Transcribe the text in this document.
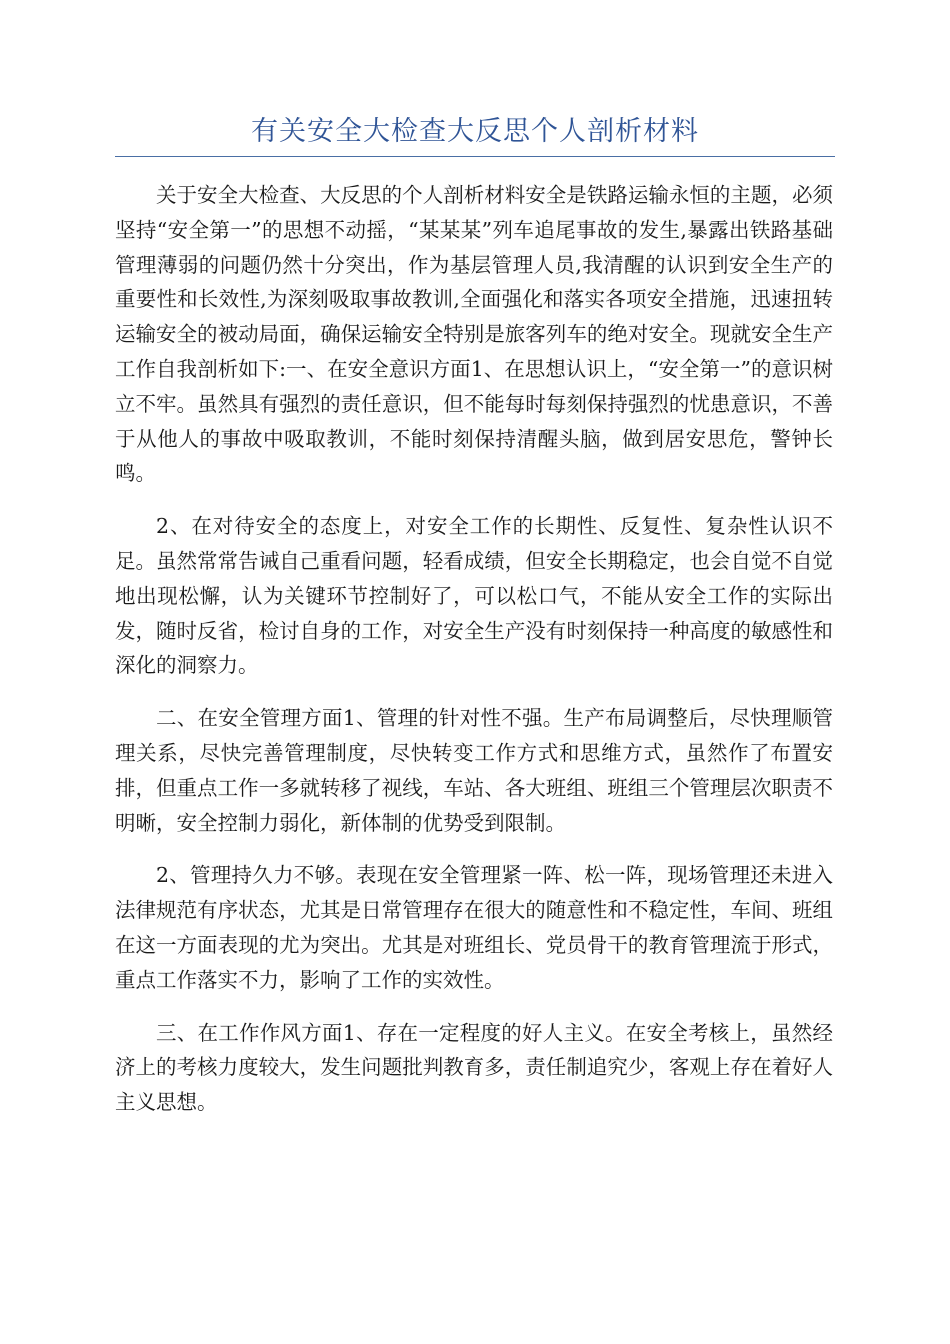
有关安全大检查大反思个人剖析材料

关于安全大检查、大反思的个人剖析材料安全是铁路运输永恒的主题，必须坚持“安全第一”的思想不动摇，“某某某”列车追尾事故的发生,暴露出铁路基础管理薄弱的问题仍然十分突出，作为基层管理人员,我清醒的认识到安全生产的重要性和长效性,为深刻吸取事故教训,全面强化和落实各项安全措施，迅速扭转运输安全的被动局面，确保运输安全特别是旅客列车的绝对安全。现就安全生产工作自我剖析如下:一、在安全意识方面1、在思想认识上，“安全第一”的意识树立不牢。虽然具有强烈的责任意识，但不能每时每刻保持强烈的忧患意识，不善于从他人的事故中吸取教训，不能时刻保持清醒头脑，做到居安思危，警钟长鸣。

2、在对待安全的态度上，对安全工作的长期性、反复性、复杂性认识不足。虽然常常告诫自己重看问题，轻看成绩，但安全长期稳定，也会自觉不自觉地出现松懈，认为关键环节控制好了，可以松口气，不能从安全工作的实际出发，随时反省，检讨自身的工作，对安全生产没有时刻保持一种高度的敏感性和深化的洞察力。

二、在安全管理方面1、管理的针对性不强。生产布局调整后，尽快理顺管理关系，尽快完善管理制度，尽快转变工作方式和思维方式，虽然作了布置安排，但重点工作一多就转移了视线，车站、各大班组、班组三个管理层次职责不明晰，安全控制力弱化，新体制的优势受到限制。

2、管理持久力不够。表现在安全管理紧一阵、松一阵，现场管理还未进入法律规范有序状态，尤其是日常管理存在很大的随意性和不稳定性，车间、班组在这一方面表现的尤为突出。尤其是对班组长、党员骨干的教育管理流于形式，重点工作落实不力，影响了工作的实效性。

三、在工作作风方面1、存在一定程度的好人主义。在安全考核上，虽然经济上的考核力度较大，发生问题批判教育多，责任制追究少，客观上存在着好人主义思想。
